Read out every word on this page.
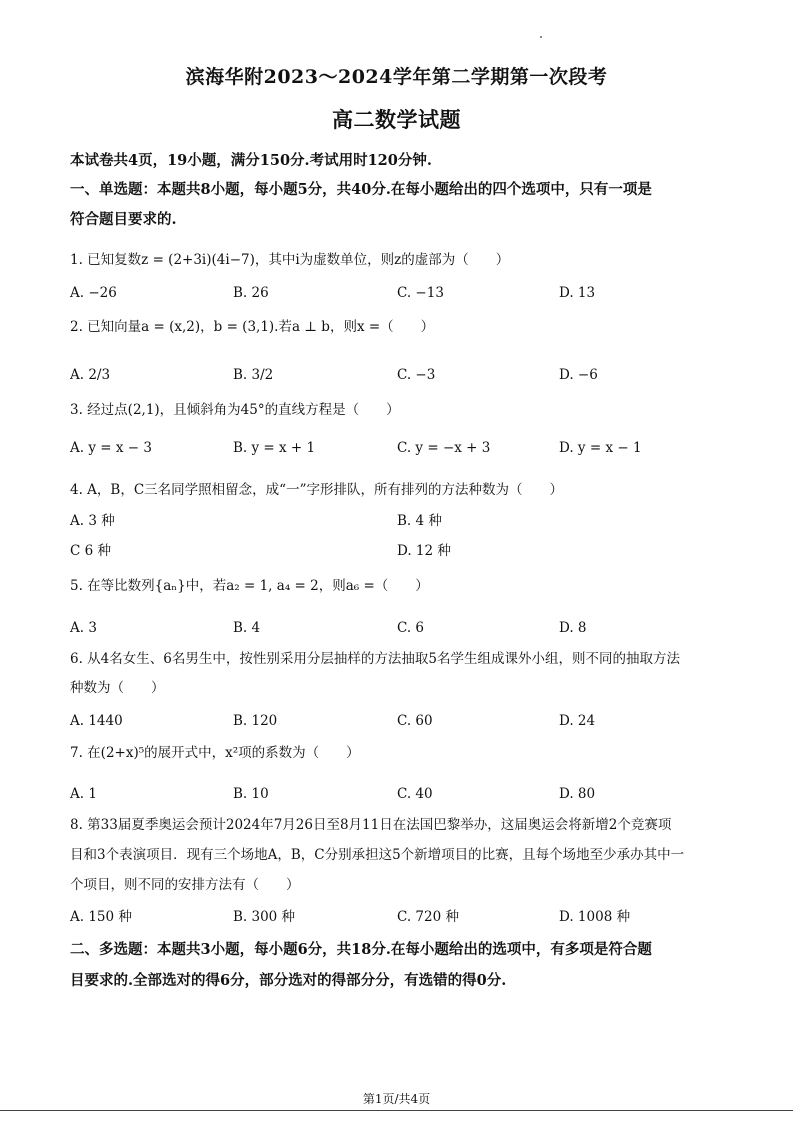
滨海华附2023～2024学年第二学期第一次段考
高二数学试题
本试卷共4页，19小题，满分150分.考试用时120分钟.
一、单选题：本题共8小题，每小题5分，共40分.在每小题给出的四个选项中，只有一项是
符合题目要求的.
1. 已知复数z = (2+3i)(4i−7)，其中i为虚数单位，则z的虚部为（　　）
A. −26	B. 26	C. −13	D. 13
2. 已知向量a = (x,2)，b = (3,1).若a ⊥ b，则x =（　　）
A. 2/3	B. 3/2	C. −3	D. −6
3. 经过点(2,1)，且倾斜角为45°的直线方程是（　　）
A. y = x − 3	B. y = x + 1	C. y = −x + 3	D. y = x − 1
4. A，B，C三名同学照相留念，成“一”字形排队，所有排列的方法种数为（　　）
A. 3 种	B. 4 种
C 6 种	D. 12 种
5. 在等比数列{aₙ}中，若a₂ = 1, a₄ = 2，则a₆ =（　　）
A. 3	B. 4	C. 6	D. 8
6. 从4名女生、6名男生中，按性别采用分层抽样的方法抽取5名学生组成课外小组，则不同的抽取方法
种数为（　　）
A. 1440	B. 120	C. 60	D. 24
7. 在(2+x)⁵的展开式中，x²项的系数为（　　）
A. 1	B. 10	C. 40	D. 80
8. 第33届夏季奥运会预计2024年7月26日至8月11日在法国巴黎举办，这届奥运会将新增2个竞赛项
目和3个表演项目．现有三个场地A，B，C分别承担这5个新增项目的比赛，且每个场地至少承办其中一
个项目，则不同的安排方法有（　　）
A. 150 种	B. 300 种	C. 720 种	D. 1008 种
二、多选题：本题共3小题，每小题6分，共18分.在每小题给出的选项中，有多项是符合题
目要求的.全部选对的得6分，部分选对的得部分分，有选错的得0分.
第1页/共4页
